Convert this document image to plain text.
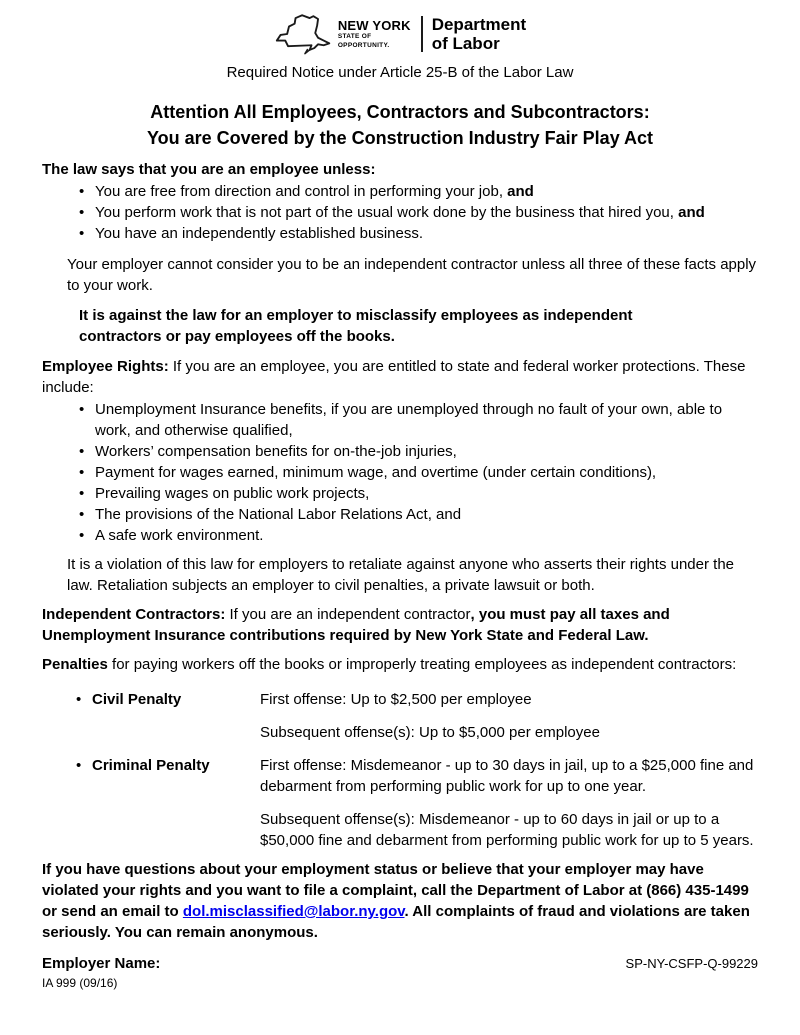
NEW YORK
STATE OF
OPPORTUNITY.
Department
of Labor
Required Notice under Article 25-B of the Labor Law
Attention All Employees, Contractors and Subcontractors:
You are Covered by the Construction Industry Fair Play Act
The law says that you are an employee unless:
• You are free from direction and control in performing your job, and
• You perform work that is not part of the usual work done by the business that hired you, and
• You have an independently established business.

Your employer cannot consider you to be an independent contractor unless all three of these facts apply to your work.

It is against the law for an employer to misclassify employees as independent contractors or pay employees off the books.

Employee Rights: If you are an employee, you are entitled to state and federal worker protections. These include:

• Unemployment Insurance benefits, if you are unemployed through no fault of your own, able to work, and otherwise qualified,
• Workers’ compensation benefits for on-the-job injuries,
• Payment for wages earned, minimum wage, and overtime (under certain conditions),
• Prevailing wages on public work projects,
• The provisions of the National Labor Relations Act, and
• A safe work environment.

It is a violation of this law for employers to retaliate against anyone who asserts their rights under the law. Retaliation subjects an employer to civil penalties, a private lawsuit or both.

Independent Contractors: If you are an independent contractor, you must pay all taxes and Unemployment Insurance contributions required by New York State and Federal Law.

Penalties for paying workers off the books or improperly treating employees as independent contractors:

•
Civil Penalty	First offense: Up to $2,500 per employee

Subsequent offense(s): Up to $5,000 per employee

•
Criminal Penalty	First offense: Misdemeanor - up to 30 days in jail, up to a $25,000 fine and debarment from performing public work for up to one year.

Subsequent offense(s): Misdemeanor - up to 60 days in jail or up to a $50,000 fine and debarment from performing public work for up to 5 years.

If you have questions about your employment status or believe that your employer may have violated your rights and you want to file a complaint, call the Department of Labor at (866) 435-1499 or send an email to dol.misclassified@labor.ny.gov. All complaints of fraud and violations are taken seriously. You can remain anonymous.

Employer Name:	SP-NY-CSFP-Q-99229
IA 999 (09/16)
